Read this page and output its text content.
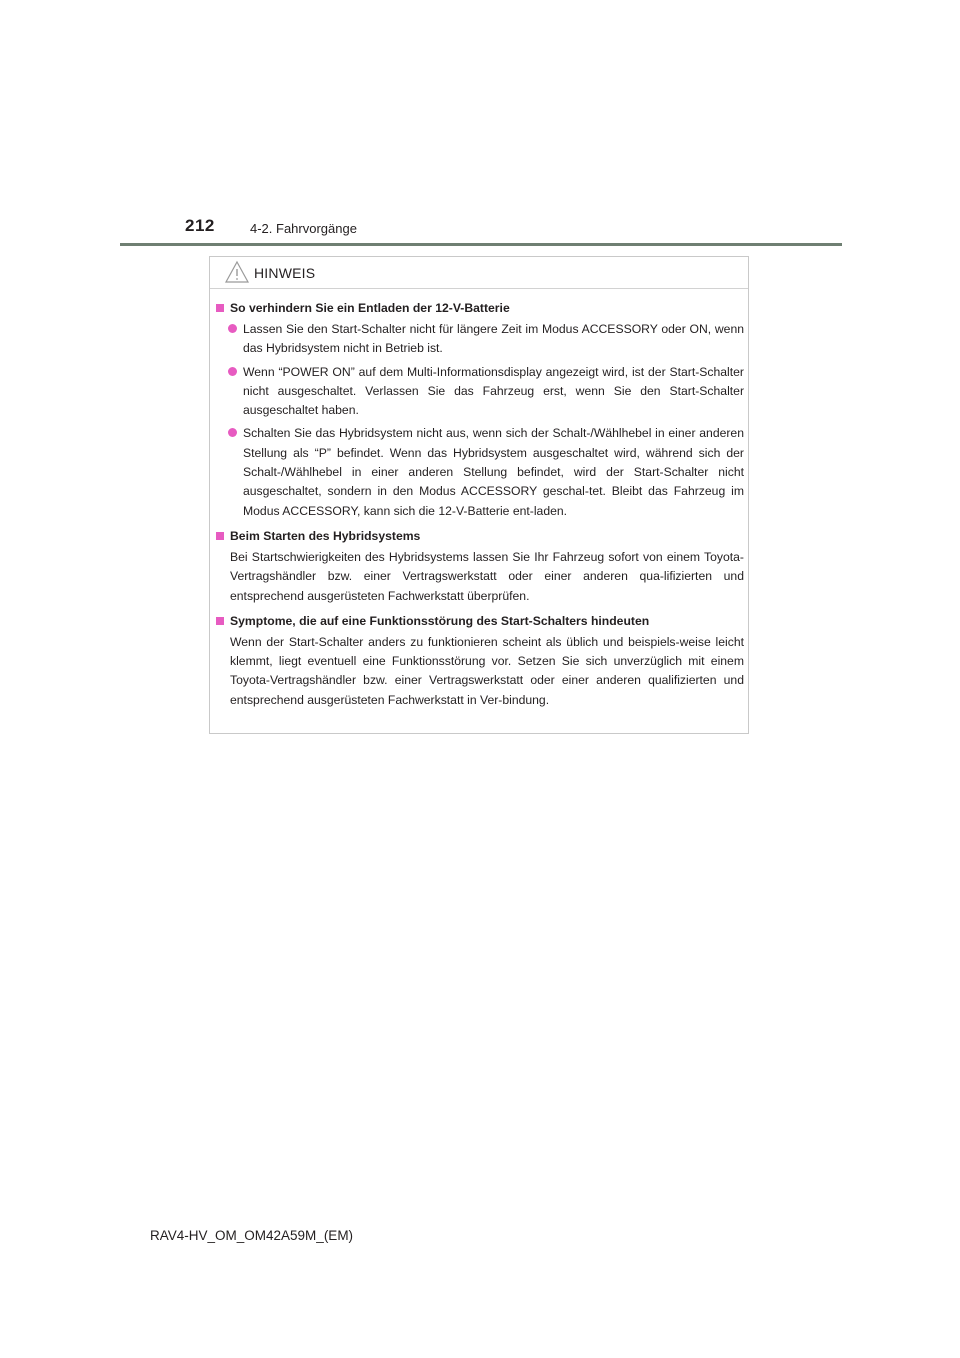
212	4-2. Fahrvorgänge
HINWEIS
So verhindern Sie ein Entladen der 12-V-Batterie
Lassen Sie den Start-Schalter nicht für längere Zeit im Modus ACCESSORY oder ON, wenn das Hybridsystem nicht in Betrieb ist.
Wenn “POWER ON” auf dem Multi-Informationsdisplay angezeigt wird, ist der Start-Schalter nicht ausgeschaltet. Verlassen Sie das Fahrzeug erst, wenn Sie den Start-Schalter ausgeschaltet haben.
Schalten Sie das Hybridsystem nicht aus, wenn sich der Schalt-/Wählhebel in einer anderen Stellung als “P” befindet. Wenn das Hybridsystem ausgeschaltet wird, während sich der Schalt-/Wählhebel in einer anderen Stellung befindet, wird der Start-Schalter nicht ausgeschaltet, sondern in den Modus ACCESSORY geschal-tet. Bleibt das Fahrzeug im Modus ACCESSORY, kann sich die 12-V-Batterie ent-laden.
Beim Starten des Hybridsystems
Bei Startschwierigkeiten des Hybridsystems lassen Sie Ihr Fahrzeug sofort von einem Toyota-Vertragshändler bzw. einer Vertragswerkstatt oder einer anderen qua-lifizierten und entsprechend ausgerüsteten Fachwerkstatt überprüfen.
Symptome, die auf eine Funktionsstörung des Start-Schalters hindeuten
Wenn der Start-Schalter anders zu funktionieren scheint als üblich und beispiels-weise leicht klemmt, liegt eventuell eine Funktionsstörung vor. Setzen Sie sich unverzüglich mit einem Toyota-Vertragshändler bzw. einer Vertragswerkstatt oder einer anderen qualifizierten und entsprechend ausgerüsteten Fachwerkstatt in Ver-bindung.
RAV4-HV_OM_OM42A59M_(EM)
